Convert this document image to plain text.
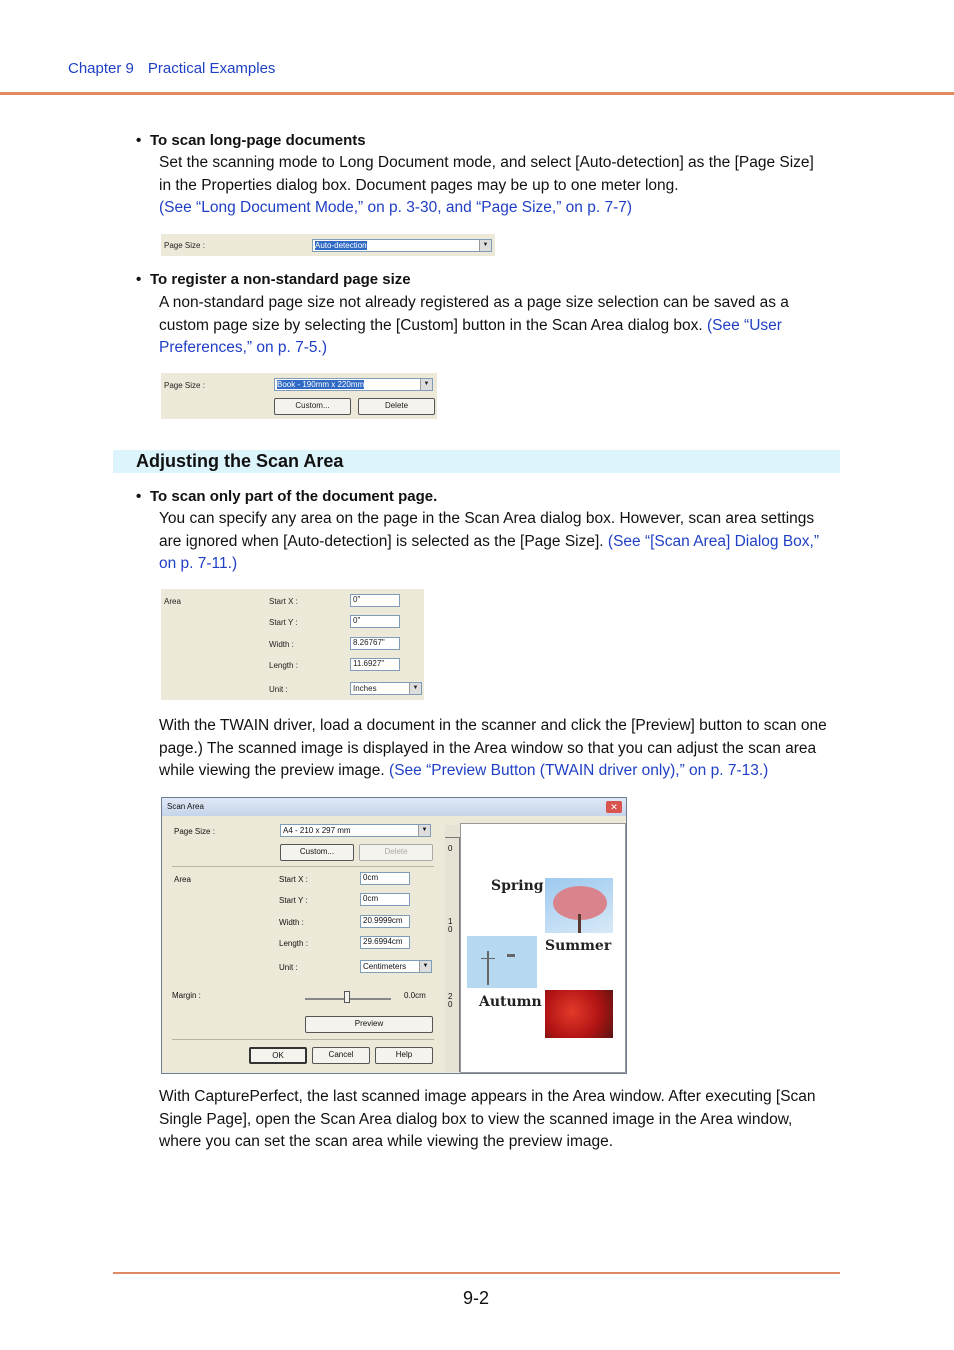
Chapter 9 Practical Examples
• To scan long-page documents
Set the scanning mode to Long Document mode, and select [Auto-detection] as the [Page Size]
in the Properties dialog box. Document pages may be up to one meter long.
(See “Long Document Mode,” on p. 3-30, and “Page Size,” on p. 7-7)
Page Size :	Auto-detection	▼
• To register a non-standard page size
A non-standard page size not already registered as a page size selection can be saved as a
custom page size by selecting the [Custom] button in the Scan Area dialog box. (See “User
Preferences,” on p. 7-5.)
Page Size :	Book - 190mm x 220mm	▼
Custom...	Delete
Adjusting the Scan Area
• To scan only part of the document page.
You can specify any area on the page in the Scan Area dialog box. However, scan area settings
are ignored when [Auto-detection] is selected as the [Page Size]. (See “[Scan Area] Dialog Box,”
on p. 7-11.)
Area	Start X :	0"
Start Y :	0"
Width :	8.26767"
Length :	11.6927"
Unit :	Inches	▼
With the TWAIN driver, load a document in the scanner and click the [Preview] button to scan one
page.) The scanned image is displayed in the Area window so that you can adjust the scan area
while viewing the preview image. (See “Preview Button (TWAIN driver only),” on p. 7-13.)
Scan Area	✕
Page Size :	A4 - 210 x 297 mm	▼
Custom...	Delete
Area	Start X :	0cm
Start Y :	0cm
Width :	20.9999cm
Length :	29.6994cm
Unit :	Centimeters	▼
Margin :	0.0cm
Preview
OK	Cancel	Help
0
1
0
2
0
Spring
Summer
Autumn
With CapturePerfect, the last scanned image appears in the Area window. After executing [Scan
Single Page], open the Scan Area dialog box to view the scanned image in the Area window,
where you can set the scan area while viewing the preview image.
9-2
